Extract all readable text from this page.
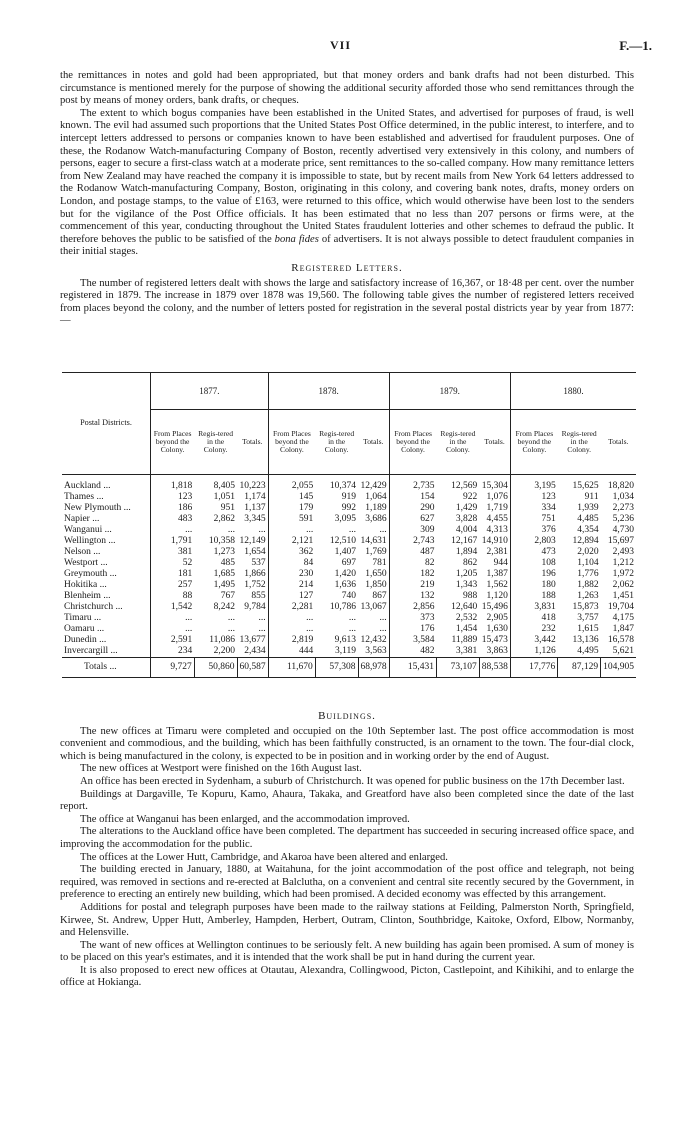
VII	F.—1.

the remittances in notes and gold had been appropriated, but that money orders and bank drafts had not been disturbed. This circumstance is mentioned merely for the purpose of showing the additional security afforded those who send remittances through the post by means of money orders, bank drafts, or cheques.

The extent to which bogus companies have been established in the United States, and advertised for purposes of fraud, is well known. The evil had assumed such proportions that the United States Post Office determined, in the public interest, to interfere, and to intercept letters addressed to persons or companies known to have been established and advertised for fraudulent purposes. One of these, the Rodanow Watch-manufacturing Company of Boston, recently advertised very extensively in this colony, and numbers of persons, eager to secure a first-class watch at a moderate price, sent remittances to the so-called company. How many remittance letters from New Zealand may have reached the company it is impossible to state, but by recent mails from New York 64 letters addressed to the Rodanow Watch-manufacturing Company, Boston, originating in this colony, and covering bank notes, drafts, money orders on London, and postage stamps, to the value of £163, were returned to this office, which would otherwise have been lost to the senders but for the vigilance of the Post Office officials. It has been estimated that no less than 207 persons or firms were, at the commencement of this year, conducting throughout the United States fraudulent lotteries and other schemes to defraud the public. It therefore behoves the public to be satisfied of the bona fides of advertisers. It is not always possible to detect fraudulent companies in their initial stages.

Registered Letters.

The number of registered letters dealt with shows the large and satisfactory increase of 16,367, or 18·48 per cent. over the number registered in 1879. The increase in 1879 over 1878 was 19,560. The following table gives the number of registered letters received from places beyond the colony, and the number of letters posted for registration in the several postal districts year by year from 1877:—

Postal Districts.	1877.			1878.			1879.			1880.		
	From Places beyond the Colony.	Regis-tered in the Colony.	Totals.	From Places beyond the Colony.	Regis-tered in the Colony.	Totals.	From Places beyond the Colony.	Regis-tered in the Colony.	Totals.	From Places beyond the Colony.	Regis-tered in the Colony.	Totals.
Auckland ...	1,818	8,405	10,223	2,055	10,374	12,429	2,735	12,569	15,304	3,195	15,625	18,820
Thames ...	123	1,051	1,174	145	919	1,064	154	922	1,076	123	911	1,034
New Plymouth ...	186	951	1,137	179	992	1,189	290	1,429	1,719	334	1,939	2,273
Napier ...	483	2,862	3,345	591	3,095	3,686	627	3,828	4,455	751	4,485	5,236
Wanganui ...	...	...	...	...	...	...	309	4,004	4,313	376	4,354	4,730
Wellington ...	1,791	10,358	12,149	2,121	12,510	14,631	2,743	12,167	14,910	2,803	12,894	15,697
Nelson ...	381	1,273	1,654	362	1,407	1,769	487	1,894	2,381	473	2,020	2,493
Westport ...	52	485	537	84	697	781	82	862	944	108	1,104	1,212
Greymouth ...	181	1,685	1,866	230	1,420	1,650	182	1,205	1,387	196	1,776	1,972
Hokitika ...	257	1,495	1,752	214	1,636	1,850	219	1,343	1,562	180	1,882	2,062
Blenheim ...	88	767	855	127	740	867	132	988	1,120	188	1,263	1,451
Christchurch ...	1,542	8,242	9,784	2,281	10,786	13,067	2,856	12,640	15,496	3,831	15,873	19,704
Timaru ...	...	...	...	...	...	...	373	2,532	2,905	418	3,757	4,175
Oamaru ...	...	...	...	...	...	...	176	1,454	1,630	232	1,615	1,847
Dunedin ...	2,591	11,086	13,677	2,819	9,613	12,432	3,584	11,889	15,473	3,442	13,136	16,578
Invercargill ...	234	2,200	2,434	444	3,119	3,563	482	3,381	3,863	1,126	4,495	5,621
Totals ...	9,727	50,860	60,587	11,670	57,308	68,978	15,431	73,107	88,538	17,776	87,129	104,905
Buildings.

The new offices at Timaru were completed and occupied on the 10th September last. The post office accommodation is most convenient and commodious, and the building, which has been faithfully constructed, is an ornament to the town. The four-dial clock, which is being manufactured in the colony, is expected to be in position and in working order by the end of August.

The new offices at Westport were finished on the 16th August last.

An office has been erected in Sydenham, a suburb of Christchurch. It was opened for public business on the 17th December last.

Buildings at Dargaville, Te Kopuru, Kamo, Ahaura, Takaka, and Greatford have also been completed since the date of the last report.

The office at Wanganui has been enlarged, and the accommodation improved.

The alterations to the Auckland office have been completed. The department has succeeded in securing increased office space, and improving the accommodation for the public.

The offices at the Lower Hutt, Cambridge, and Akaroa have been altered and enlarged.

The building erected in January, 1880, at Waitahuna, for the joint accommodation of the post office and telegraph, not being required, was removed in sections and re-erected at Balclutha, on a convenient and central site recently secured by the Government, in preference to erecting an entirely new building, which had been promised. A decided economy was effected by this arrangement.

Additions for postal and telegraph purposes have been made to the railway stations at Feilding, Palmerston North, Springfield, Kirwee, St. Andrew, Upper Hutt, Amberley, Hampden, Herbert, Outram, Clinton, Southbridge, Kaitoke, Oxford, Elbow, Normanby, and Helensville.

The want of new offices at Wellington continues to be seriously felt. A new building has again been promised. A sum of money is to be placed on this year's estimates, and it is intended that the work shall be put in hand during the current year.

It is also proposed to erect new offices at Otautau, Alexandra, Collingwood, Picton, Castlepoint, and Kihikihi, and to enlarge the office at Hokianga.
